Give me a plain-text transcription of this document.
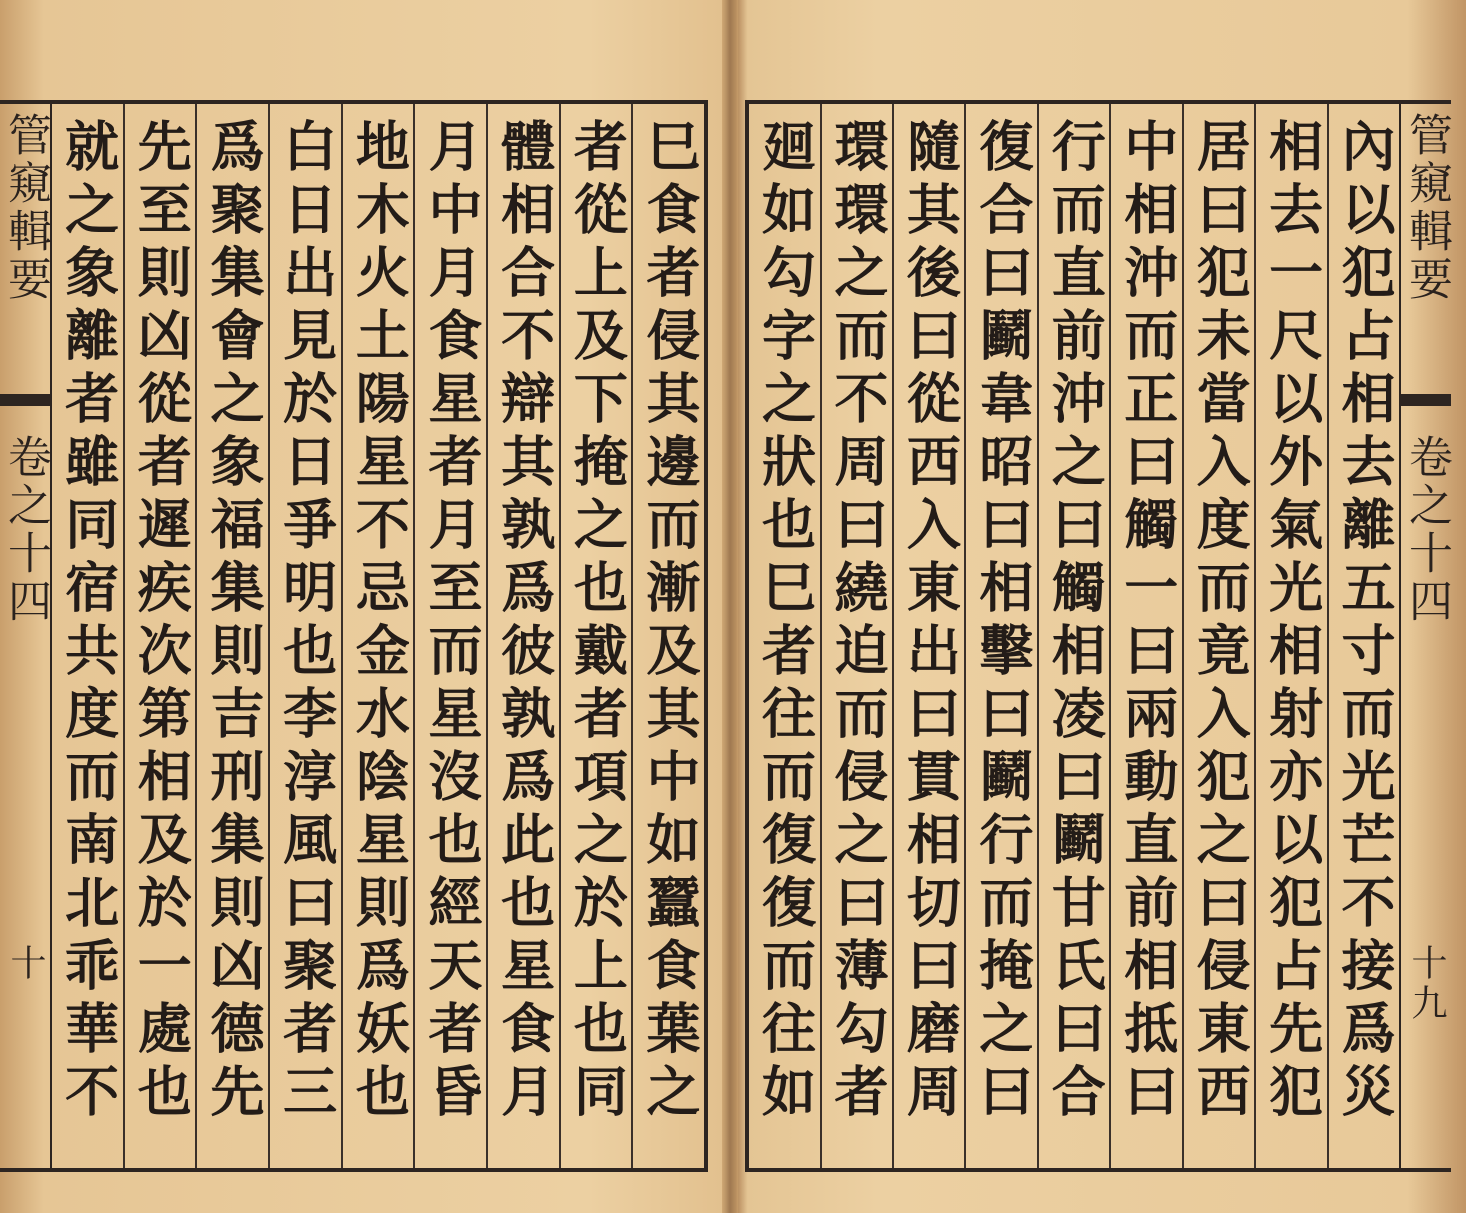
管窺輯要
卷之十四
十
巳食者侵其邊而漸及其中如蠶食葉之
者從上及下掩之也戴者項之於上也同
體相合不辯其孰爲彼孰爲此也星食月
月中月食星者月至而星沒也經天者昏
地木火土陽星不忌金水陰星則爲妖也
白日出見於日爭明也李淳風曰聚者三
爲聚集會之象福集則吉刑集則凶德先
先至則凶從者遲疾次第相及於一處也
就之象離者雖同宿共度而南北乖華不
內以犯占相去離五寸而光芒不接爲災
相去一尺以外氣光相射亦以犯占先犯
居曰犯未當入度而竟入犯之曰侵東西
中相沖而正曰觸一曰兩動直前相抵曰
行而直前沖之曰觸相凌曰鬬甘氏曰合
復合曰鬬韋昭曰相擊曰鬬行而掩之曰
隨其後曰從西入東出曰貫相切曰磨周
環環之而不周曰繞迫而侵之曰薄勾者
廻如勾字之狀也巳者往而復復而往如
管窺輯要
卷之十四
十九
